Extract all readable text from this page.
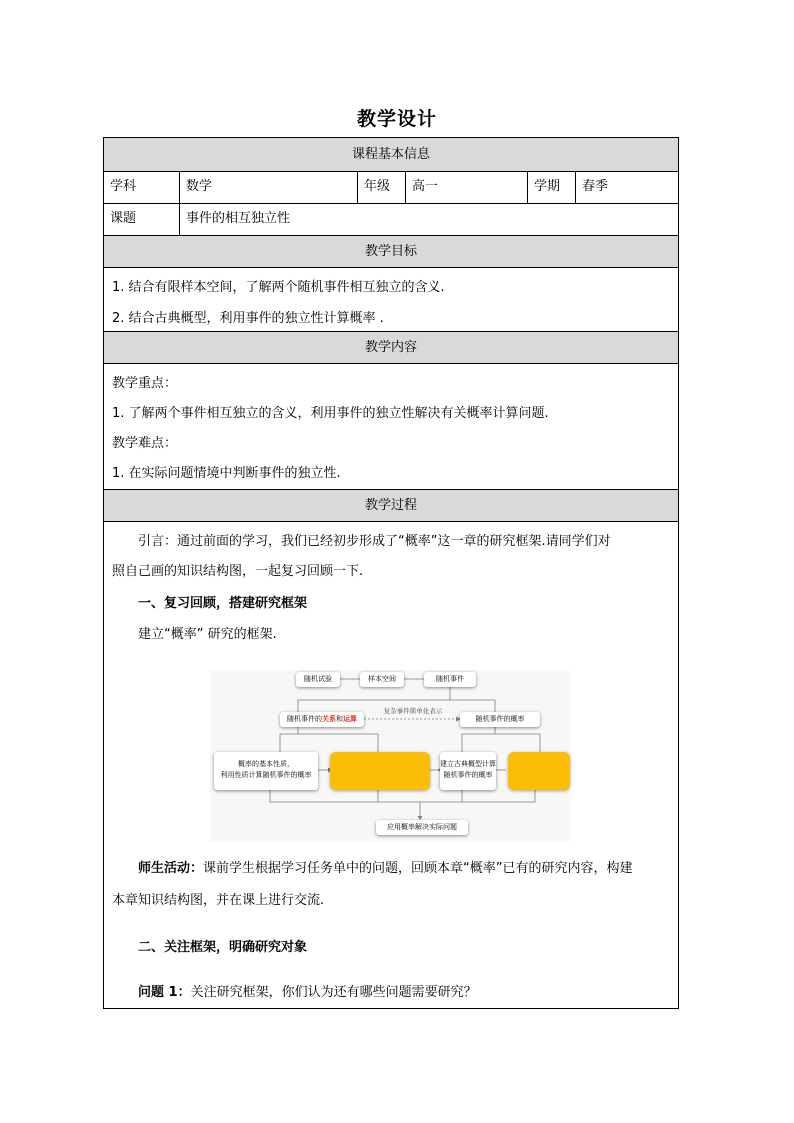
教学设计
课程基本信息
学科	数学	年级	高一	学期	春季
课题	事件的相互独立性
教学目标
1. 结合有限样本空间，了解两个随机事件相互独立的含义.
2. 结合古典概型，利用事件的独立性计算概率 .
教学内容
教学重点：
1. 了解两个事件相互独立的含义，利用事件的独立性解决有关概率计算问题.
教学难点：
1. 在实际问题情境中判断事件的独立性.
教学过程
引言：通过前面的学习，我们已经初步形成了“概率”这一章的研究框架.请同学们对
照自己画的知识结构图，一起复习回顾一下.
一、复习回顾，搭建研究框架
建立“概率” 研究的框架.
随机试验	样本空间	随机事件
随机事件的关系和运算
复杂事件简单化表示
随机事件的概率
概率的基本性质，
利用性质计算随机事件的概率
建立古典概型计算
随机事件的概率
应用概率解决实际问题
师生活动：课前学生根据学习任务单中的问题，回顾本章“概率”已有的研究内容，构建
本章知识结构图，并在课上进行交流.
二、关注框架，明确研究对象
问题 1：关注研究框架，你们认为还有哪些问题需要研究？
